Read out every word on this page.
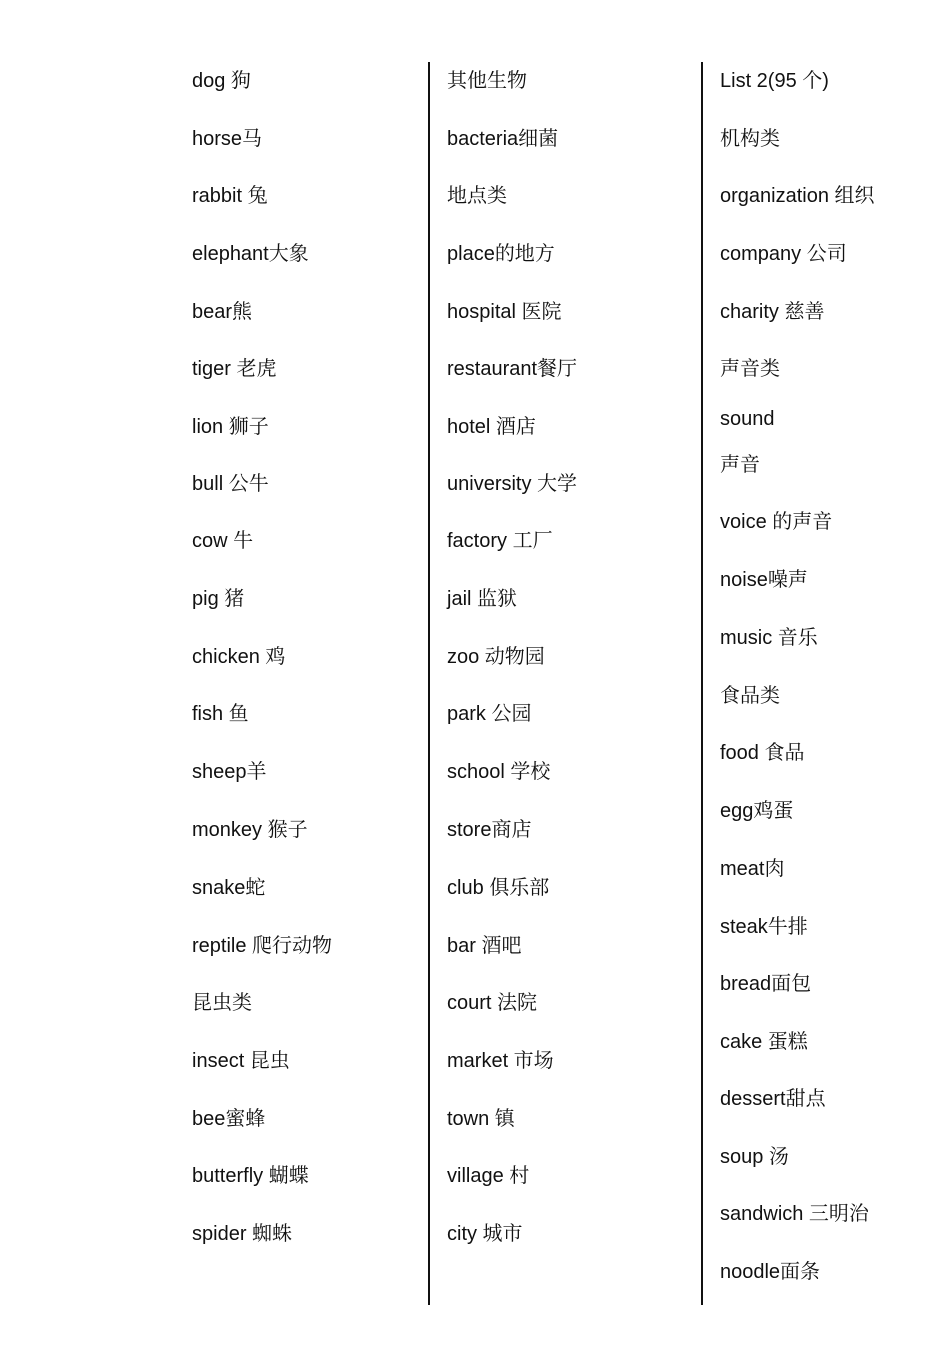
dog 狗
horse马
rabbit 兔
elephant大象
bear熊
tiger 老虎
lion 狮子
bull 公牛
cow 牛
pig 猪
chicken 鸡
fish 鱼
sheep羊
monkey 猴子
snake蛇
reptile 爬行动物
昆虫类
insect 昆虫
bee蜜蜂
butterfly 蝴蝶
spider 蜘蛛
其他生物
bacteria细菌
地点类
place的地方
hospital 医院
restaurant餐厅
hotel 酒店
university 大学
factory 工厂
jail 监狱
zoo 动物园
park 公园
school 学校
store商店
club 俱乐部
bar 酒吧
court 法院
market 市场
town 镇
village 村
city 城市
List 2(95 个)
机构类
organization 组织
company 公司
charity 慈善
声音类
sound
声音
voice 的声音
noise噪声
music 音乐
食品类
food 食品
egg鸡蛋
meat肉
steak牛排
bread面包
cake 蛋糕
dessert甜点
soup 汤
sandwich 三明治
noodle面条
